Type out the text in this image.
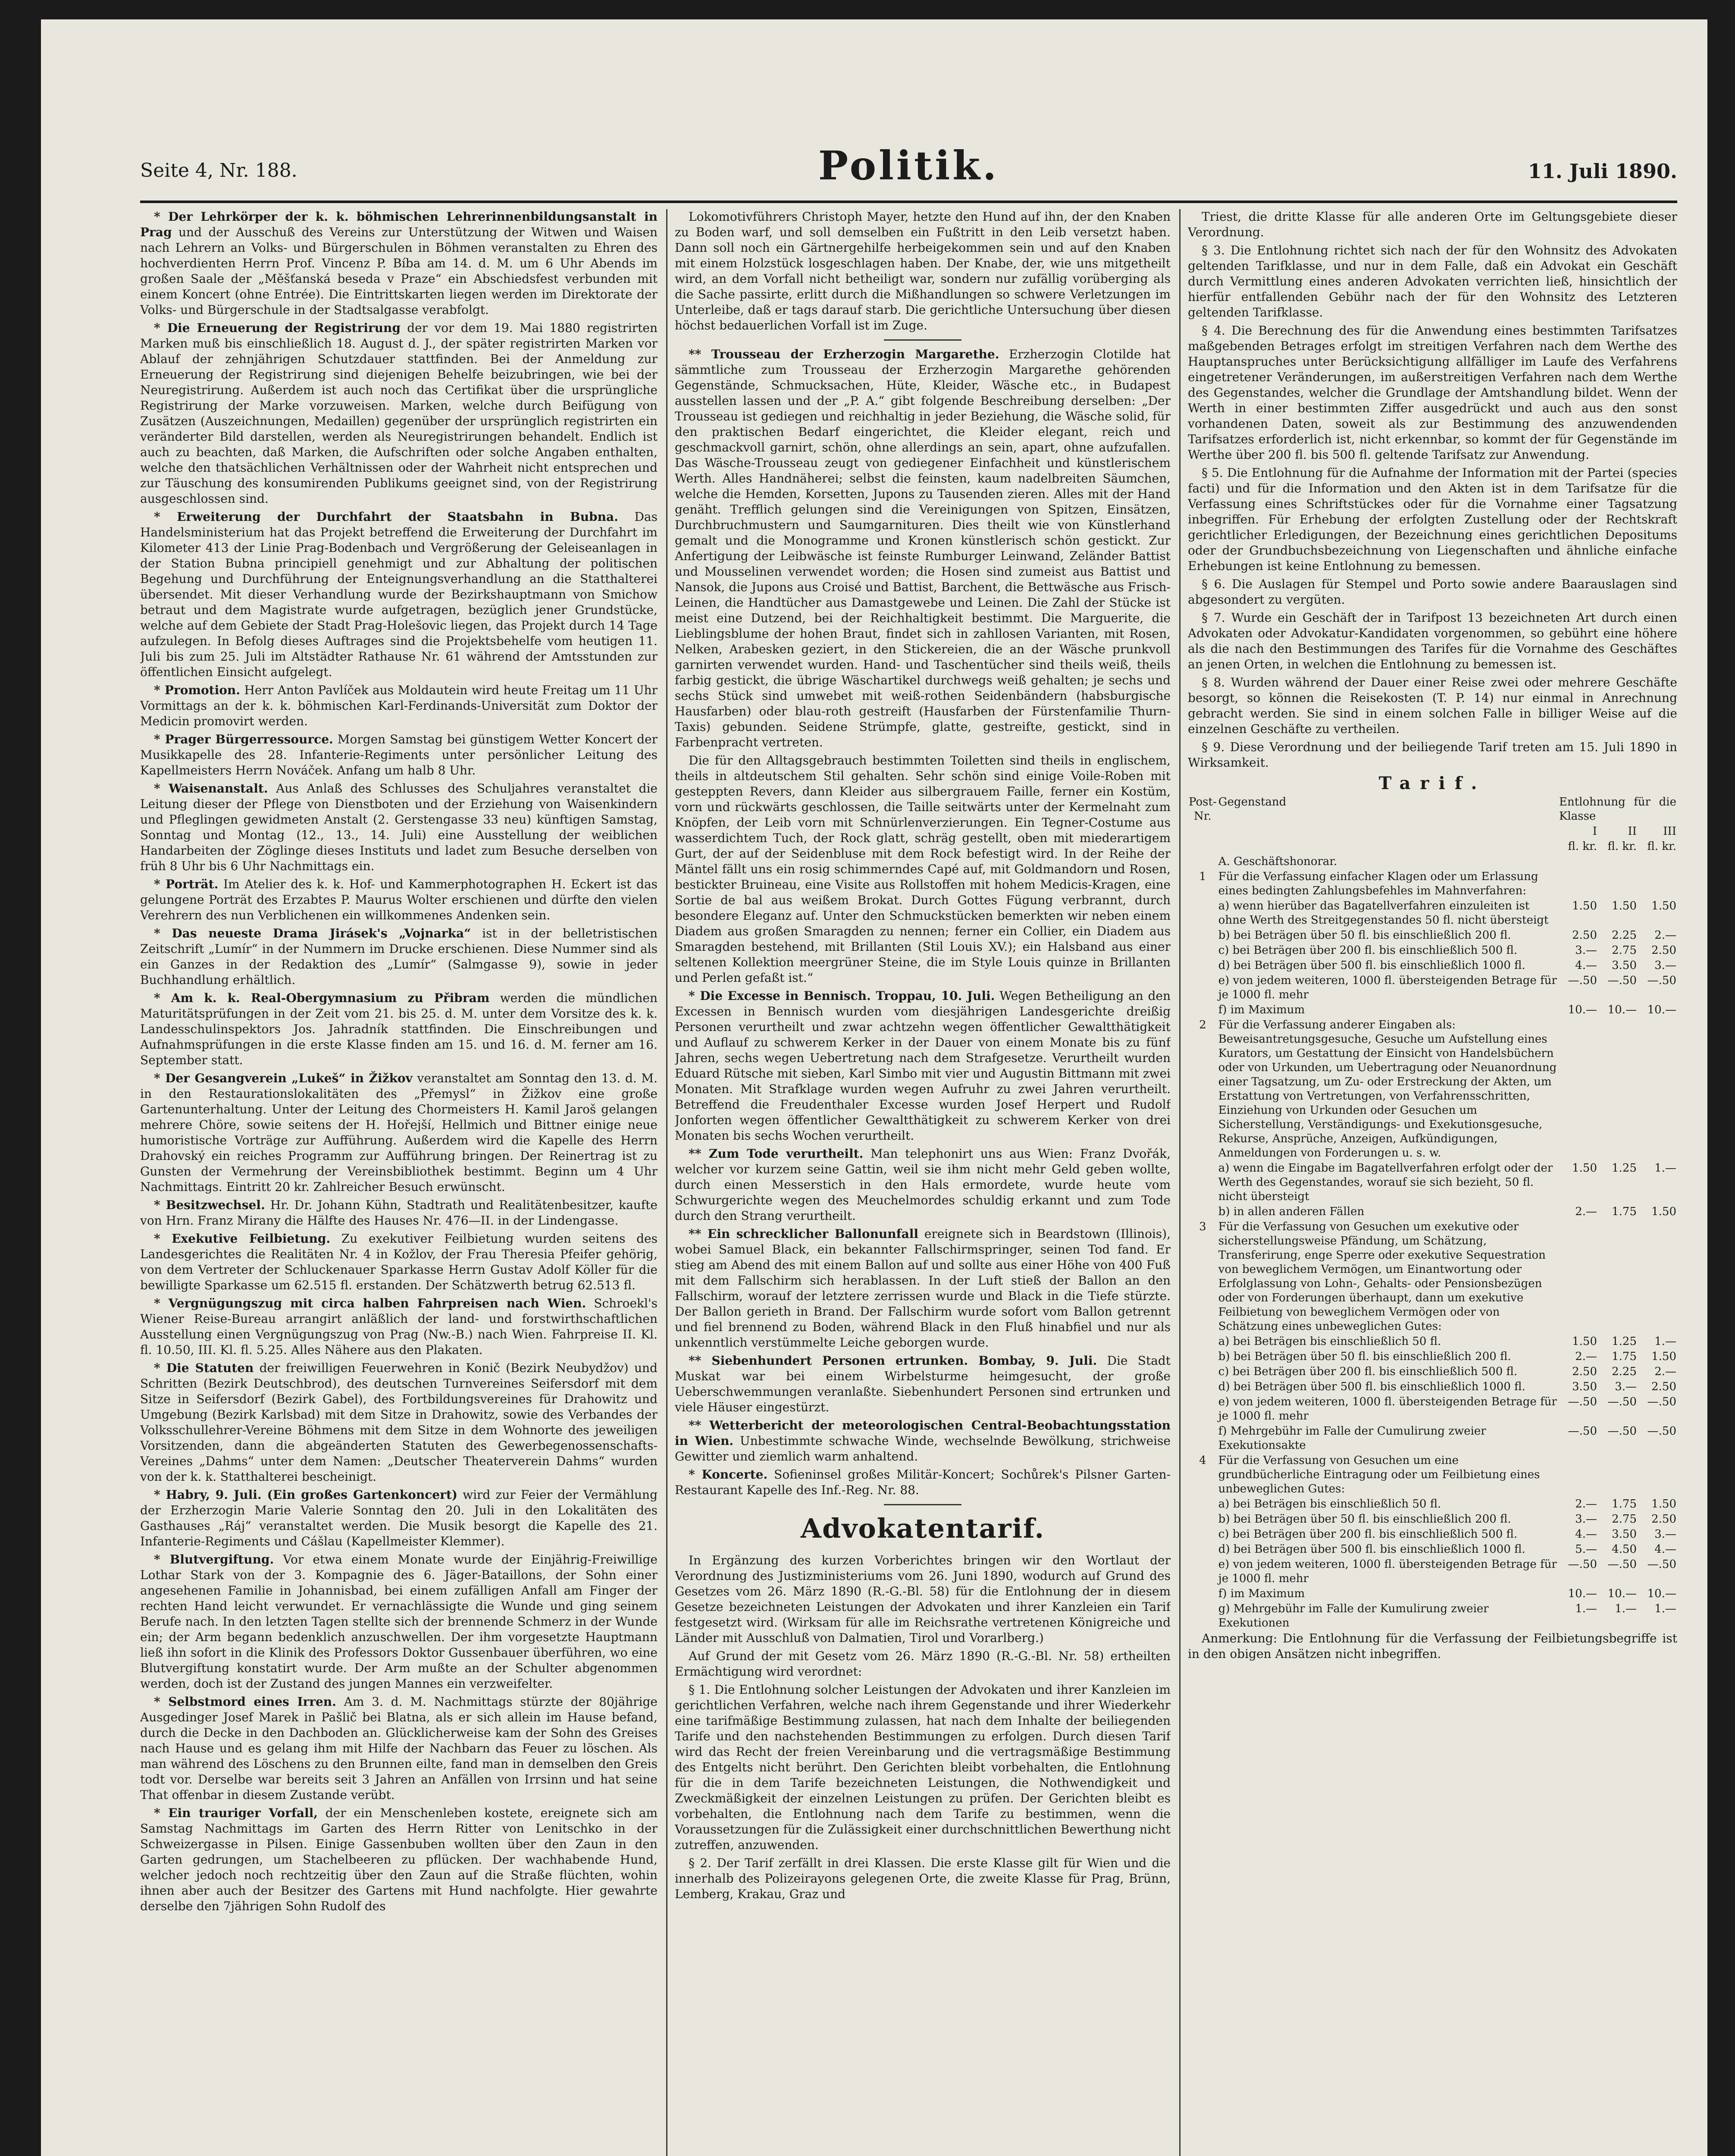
Seite 4, Nr. 188.	Politik.	11. Juli 1890.

* Der Lehrkörper der k. k. böhmischen Lehrerinnenbildungsanstalt in Prag und der Ausschuß des Vereins zur Unterstützung der Witwen und Waisen nach Lehrern an Volks- und Bürgerschulen in Böhmen veranstalten zu Ehren des hochverdienten Herrn Prof. Vincenz P. Bíba am 14. d. M. um 6 Uhr Abends im großen Saale der „Měšťanská beseda v Praze“ ein Abschiedsfest verbunden mit einem Koncert (ohne Entrée). Die Eintrittskarten liegen werden im Direktorate der Volks- und Bürgerschule in der Stadtsalgasse verabfolgt.

* Die Erneuerung der Registrirung der vor dem 19. Mai 1880 registrirten Marken muß bis einschließlich 18. August d. J., der später registrirten Marken vor Ablauf der zehnjährigen Schutzdauer stattfinden. Bei der Anmeldung zur Erneuerung der Registrirung sind diejenigen Behelfe beizubringen, wie bei der Neuregistrirung. Außerdem ist auch noch das Certifikat über die ursprüngliche Registrirung der Marke vorzuweisen. Marken, welche durch Beifügung von Zusätzen (Auszeichnungen, Medaillen) gegenüber der ursprünglich registrirten ein veränderter Bild darstellen, werden als Neuregistrirungen behandelt. Endlich ist auch zu beachten, daß Marken, die Aufschriften oder solche Angaben enthalten, welche den thatsächlichen Verhältnissen oder der Wahrheit nicht entsprechen und zur Täuschung des konsumirenden Publikums geeignet sind, von der Registrirung ausgeschlossen sind.

* Erweiterung der Durchfahrt der Staatsbahn in Bubna. Das Handelsministerium hat das Projekt betreffend die Erweiterung der Durchfahrt im Kilometer 413 der Linie Prag-Bodenbach und Vergrößerung der Geleiseanlagen in der Station Bubna principiell genehmigt und zur Abhaltung der politischen Begehung und Durchführung der Enteignungsverhandlung an die Statthalterei übersendet. Mit dieser Verhandlung wurde der Bezirkshauptmann von Smichow betraut und dem Magistrate wurde aufgetragen, bezüglich jener Grundstücke, welche auf dem Gebiete der Stadt Prag-Holešovic liegen, das Projekt durch 14 Tage aufzulegen. In Befolg dieses Auftrages sind die Projektsbehelfe vom heutigen 11. Juli bis zum 25. Juli im Altstädter Rathause Nr. 61 während der Amtsstunden zur öffentlichen Einsicht aufgelegt.

* Promotion. Herr Anton Pavlíček aus Moldautein wird heute Freitag um 11 Uhr Vormittags an der k. k. böhmischen Karl-Ferdinands-Universität zum Doktor der Medicin promovirt werden.

* Prager Bürgerressource. Morgen Samstag bei günstigem Wetter Koncert der Musikkapelle des 28. Infanterie-Regiments unter persönlicher Leitung des Kapellmeisters Herrn Nováček. Anfang um halb 8 Uhr.

* Waisenanstalt. Aus Anlaß des Schlusses des Schuljahres veranstaltet die Leitung dieser der Pflege von Dienstboten und der Erziehung von Waisenkindern und Pfleglingen gewidmeten Anstalt (2. Gerstengasse 33 neu) künftigen Samstag, Sonntag und Montag (12., 13., 14. Juli) eine Ausstellung der weiblichen Handarbeiten der Zöglinge dieses Instituts und ladet zum Besuche derselben von früh 8 Uhr bis 6 Uhr Nachmittags ein.

* Porträt. Im Atelier des k. k. Hof- und Kammerphotographen H. Eckert ist das gelungene Porträt des Erzabtes P. Maurus Wolter erschienen und dürfte den vielen Verehrern des nun Verblichenen ein willkommenes Andenken sein.

* Das neueste Drama Jirásek's „Vojnarka“ ist in der belletristischen Zeitschrift „Lumír“ in der Nummern im Drucke erschienen. Diese Nummer sind als ein Ganzes in der Redaktion des „Lumír“ (Salmgasse 9), sowie in jeder Buchhandlung erhältlich.

* Am k. k. Real-Obergymnasium zu Přibram werden die mündlichen Maturitätsprüfungen in der Zeit vom 21. bis 25. d. M. unter dem Vorsitze des k. k. Landesschulinspektors Jos. Jahradník stattfinden. Die Einschreibungen und Aufnahmsprüfungen in die erste Klasse finden am 15. und 16. d. M. ferner am 16. September statt.

* Der Gesangverein „Lukeš“ in Žižkov veranstaltet am Sonntag den 13. d. M. in den Restaurationslokalitäten des „Přemysl“ in Žižkov eine große Gartenunterhaltung. Unter der Leitung des Chormeisters H. Kamil Jaroš gelangen mehrere Chöre, sowie seitens der H. Hořejší, Hellmich und Bittner einige neue humoristische Vorträge zur Aufführung. Außerdem wird die Kapelle des Herrn Drahovský ein reiches Programm zur Aufführung bringen. Der Reinertrag ist zu Gunsten der Vermehrung der Vereinsbibliothek bestimmt. Beginn um 4 Uhr Nachmittags. Eintritt 20 kr. Zahlreicher Besuch erwünscht.

* Besitzwechsel. Hr. Dr. Johann Kühn, Stadtrath und Realitätenbesitzer, kaufte von Hrn. Franz Mirany die Hälfte des Hauses Nr. 476—II. in der Lindengasse.

* Exekutive Feilbietung. Zu exekutiver Feilbietung wurden seitens des Landesgerichtes die Realitäten Nr. 4 in Kožlov, der Frau Theresia Pfeifer gehörig, von dem Vertreter der Schluckenauer Sparkasse Herrn Gustav Adolf Köller für die bewilligte Sparkasse um 62.515 fl. erstanden. Der Schätzwerth betrug 62.513 fl.

* Vergnügungszug mit circa halben Fahrpreisen nach Wien. Schroekl's Wiener Reise-Bureau arrangirt anläßlich der land- und forstwirthschaftlichen Ausstellung einen Vergnügungszug von Prag (Nw.-B.) nach Wien. Fahrpreise II. Kl. fl. 10.50, III. Kl. fl. 5.25. Alles Nähere aus den Plakaten.

* Die Statuten der freiwilligen Feuerwehren in Konič (Bezirk Neubydžov) und Schritten (Bezirk Deutschbrod), des deutschen Turnvereines Seifersdorf mit dem Sitze in Seifersdorf (Bezirk Gabel), des Fortbildungsvereines für Drahowitz und Umgebung (Bezirk Karlsbad) mit dem Sitze in Drahowitz, sowie des Verbandes der Volksschullehrer-Vereine Böhmens mit dem Sitze in dem Wohnorte des jeweiligen Vorsitzenden, dann die abgeänderten Statuten des Gewerbegenossenschafts-Vereines „Dahms“ unter dem Namen: „Deutscher Theaterverein Dahms“ wurden von der k. k. Statthalterei bescheinigt.

* Habry, 9. Juli. (Ein großes Gartenkoncert) wird zur Feier der Vermählung der Erzherzogin Marie Valerie Sonntag den 20. Juli in den Lokalitäten des Gasthauses „Ráj“ veranstaltet werden. Die Musik besorgt die Kapelle des 21. Infanterie-Regiments und Cášlau (Kapellmeister Klemmer).

* Blutvergiftung. Vor etwa einem Monate wurde der Einjährig-Freiwillige Lothar Stark von der 3. Kompagnie des 6. Jäger-Bataillons, der Sohn einer angesehenen Familie in Johannisbad, bei einem zufälligen Anfall am Finger der rechten Hand leicht verwundet. Er vernachlässigte die Wunde und ging seinem Berufe nach. In den letzten Tagen stellte sich der brennende Schmerz in der Wunde ein; der Arm begann bedenklich anzuschwellen. Der ihm vorgesetzte Hauptmann ließ ihn sofort in die Klinik des Professors Doktor Gussenbauer überführen, wo eine Blutvergiftung konstatirt wurde. Der Arm mußte an der Schulter abgenommen werden, doch ist der Zustand des jungen Mannes ein verzweifelter.

* Selbstmord eines Irren. Am 3. d. M. Nachmittags stürzte der 80jährige Ausgedinger Josef Marek in Pašlič bei Blatna, als er sich allein im Hause befand, durch die Decke in den Dachboden an. Glücklicherweise kam der Sohn des Greises nach Hause und es gelang ihm mit Hilfe der Nachbarn das Feuer zu löschen. Als man während des Löschens zu den Brunnen eilte, fand man in demselben den Greis todt vor. Derselbe war bereits seit 3 Jahren an Anfällen von Irrsinn und hat seine That offenbar in diesem Zustande verübt.

* Ein trauriger Vorfall, der ein Menschenleben kostete, ereignete sich am Samstag Nachmittags im Garten des Herrn Ritter von Lenitschko in der Schweizergasse in Pilsen. Einige Gassenbuben wollten über den Zaun in den Garten gedrungen, um Stachelbeeren zu pflücken. Der wachhabende Hund, welcher jedoch noch rechtzeitig über den Zaun auf die Straße flüchten, wohin ihnen aber auch der Besitzer des Gartens mit Hund nachfolgte. Hier gewahrte derselbe den 7jährigen Sohn Rudolf des

Lokomotivführers Christoph Mayer, hetzte den Hund auf ihn, der den Knaben zu Boden warf, und soll demselben ein Fußtritt in den Leib versetzt haben. Dann soll noch ein Gärtnergehilfe herbeigekommen sein und auf den Knaben mit einem Holzstück losgeschlagen haben. Der Knabe, der, wie uns mitgetheilt wird, an dem Vorfall nicht betheiligt war, sondern nur zufällig vorüberging als die Sache passirte, erlitt durch die Mißhandlungen so schwere Verletzungen im Unterleibe, daß er tags darauf starb. Die gerichtliche Untersuchung über diesen höchst bedauerlichen Vorfall ist im Zuge.

** Trousseau der Erzherzogin Margarethe. Erzherzogin Clotilde hat sämmtliche zum Trousseau der Erzherzogin Margarethe gehörenden Gegenstände, Schmucksachen, Hüte, Kleider, Wäsche etc., in Budapest ausstellen lassen und der „P. A.“ gibt folgende Beschreibung derselben: „Der Trousseau ist gediegen und reichhaltig in jeder Beziehung, die Wäsche solid, für den praktischen Bedarf eingerichtet, die Kleider elegant, reich und geschmackvoll garnirt, schön, ohne allerdings an sein, apart, ohne aufzufallen. Das Wäsche-Trousseau zeugt von gediegener Einfachheit und künstlerischem Werth. Alles Handnäherei; selbst die feinsten, kaum nadelbreiten Säumchen, welche die Hemden, Korsetten, Jupons zu Tausenden zieren. Alles mit der Hand genäht. Trefflich gelungen sind die Vereinigungen von Spitzen, Einsätzen, Durchbruchmustern und Saumgarnituren. Dies theilt wie von Künstlerhand gemalt und die Monogramme und Kronen künstlerisch schön gestickt. Zur Anfertigung der Leibwäsche ist feinste Rumburger Leinwand, Zeländer Battist und Mousselinen verwendet worden; die Hosen sind zumeist aus Battist und Nansok, die Jupons aus Croisé und Battist, Barchent, die Bettwäsche aus Frisch-Leinen, die Handtücher aus Damastgewebe und Leinen. Die Zahl der Stücke ist meist eine Dutzend, bei der Reichhaltigkeit bestimmt. Die Marguerite, die Lieblingsblume der hohen Braut, findet sich in zahllosen Varianten, mit Rosen, Nelken, Arabesken geziert, in den Stickereien, die an der Wäsche prunkvoll garnirten verwendet wurden. Hand- und Taschentücher sind theils weiß, theils farbig gestickt, die übrige Wäschartikel durchwegs weiß gehalten; je sechs und sechs Stück sind umwebet mit weiß-rothen Seidenbändern (habsburgische Hausfarben) oder blau-roth gestreift (Hausfarben der Fürstenfamilie Thurn-Taxis) gebunden. Seidene Strümpfe, glatte, gestreifte, gestickt, sind in Farbenpracht vertreten.

Die für den Alltagsgebrauch bestimmten Toiletten sind theils in englischem, theils in altdeutschem Stil gehalten. Sehr schön sind einige Voile-Roben mit gesteppten Revers, dann Kleider aus silbergrauem Faille, ferner ein Kostüm, vorn und rückwärts geschlossen, die Taille seitwärts unter der Kermelnaht zum Knöpfen, der Leib vorn mit Schnürlenverzierungen. Ein Tegner-Costume aus wasserdichtem Tuch, der Rock glatt, schräg gestellt, oben mit miederartigem Gurt, der auf der Seidenbluse mit dem Rock befestigt wird. In der Reihe der Mäntel fällt uns ein rosig schimmerndes Capé auf, mit Goldmandorn und Rosen, bestickter Bruineau, eine Visite aus Rollstoffen mit hohem Medicis-Kragen, eine Sortie de bal aus weißem Brokat. Durch Gottes Fügung verbrannt, durch besondere Eleganz auf. Unter den Schmuckstücken bemerkten wir neben einem Diadem aus großen Smaragden zu nennen; ferner ein Collier, ein Diadem aus Smaragden bestehend, mit Brillanten (Stil Louis XV.); ein Halsband aus einer seltenen Kollektion meergrüner Steine, die im Style Louis quinze in Brillanten und Perlen gefaßt ist.“

* Die Excesse in Bennisch. Troppau, 10. Juli. Wegen Betheiligung an den Excessen in Bennisch wurden vom diesjährigen Landesgerichte dreißig Personen verurtheilt und zwar achtzehn wegen öffentlicher Gewaltthätigkeit und Auflauf zu schwerem Kerker in der Dauer von einem Monate bis zu fünf Jahren, sechs wegen Uebertretung nach dem Strafgesetze. Verurtheilt wurden Eduard Rütsche mit sieben, Karl Simbo mit vier und Augustin Bittmann mit zwei Monaten. Mit Strafklage wurden wegen Aufruhr zu zwei Jahren verurtheilt. Betreffend die Freudenthaler Excesse wurden Josef Herpert und Rudolf Jonforten wegen öffentlicher Gewaltthätigkeit zu schwerem Kerker von drei Monaten bis sechs Wochen verurtheilt.

** Zum Tode verurtheilt. Man telephonirt uns aus Wien: Franz Dvořák, welcher vor kurzem seine Gattin, weil sie ihm nicht mehr Geld geben wollte, durch einen Messerstich in den Hals ermordete, wurde heute vom Schwurgerichte wegen des Meuchelmordes schuldig erkannt und zum Tode durch den Strang verurtheilt.

** Ein schrecklicher Ballonunfall ereignete sich in Beardstown (Illinois), wobei Samuel Black, ein bekannter Fallschirmspringer, seinen Tod fand. Er stieg am Abend des mit einem Ballon auf und sollte aus einer Höhe von 400 Fuß mit dem Fallschirm sich herablassen. In der Luft stieß der Ballon an den Fallschirm, worauf der letztere zerrissen wurde und Black in die Tiefe stürzte. Der Ballon gerieth in Brand. Der Fallschirm wurde sofort vom Ballon getrennt und fiel brennend zu Boden, während Black in den Fluß hinabfiel und nur als unkenntlich verstümmelte Leiche geborgen wurde.

** Siebenhundert Personen ertrunken. Bombay, 9. Juli. Die Stadt Muskat war bei einem Wirbelsturme heimgesucht, der große Ueberschwemmungen veranlaßte. Siebenhundert Personen sind ertrunken und viele Häuser eingestürzt.

** Wetterbericht der meteorologischen Central-Beobachtungsstation in Wien. Unbestimmte schwache Winde, wechselnde Bewölkung, strichweise Gewitter und ziemlich warm anhaltend.

* Koncerte. Sofieninsel großes Militär-Koncert; Sochůrek's Pilsner Garten-Restaurant Kapelle des Inf.-Reg. Nr. 88.

Advokatentarif.

In Ergänzung des kurzen Vorberichtes bringen wir den Wortlaut der Verordnung des Justizministeriums vom 26. Juni 1890, wodurch auf Grund des Gesetzes vom 26. März 1890 (R.-G.-Bl. 58) für die Entlohnung der in diesem Gesetze bezeichneten Leistungen der Advokaten und ihrer Kanzleien ein Tarif festgesetzt wird. (Wirksam für alle im Reichsrathe vertretenen Königreiche und Länder mit Ausschluß von Dalmatien, Tirol und Vorarlberg.)

Auf Grund der mit Gesetz vom 26. März 1890 (R.-G.-Bl. Nr. 58) ertheilten Ermächtigung wird verordnet:

§ 1. Die Entlohnung solcher Leistungen der Advokaten und ihrer Kanzleien im gerichtlichen Verfahren, welche nach ihrem Gegenstande und ihrer Wiederkehr eine tarifmäßige Bestimmung zulassen, hat nach dem Inhalte der beiliegenden Tarife und den nachstehenden Bestimmungen zu erfolgen. Durch diesen Tarif wird das Recht der freien Vereinbarung und die vertragsmäßige Bestimmung des Entgelts nicht berührt. Den Gerichten bleibt vorbehalten, die Entlohnung für die in dem Tarife bezeichneten Leistungen, die Nothwendigkeit und Zweckmäßigkeit der einzelnen Leistungen zu prüfen. Der Gerichten bleibt es vorbehalten, die Entlohnung nach dem Tarife zu bestimmen, wenn die Voraussetzungen für die Zulässigkeit einer durchschnittlichen Bewerthung nicht zutreffen, anzuwenden.

§ 2. Der Tarif zerfällt in drei Klassen. Die erste Klasse gilt für Wien und die innerhalb des Polizeirayons gelegenen Orte, die zweite Klasse für Prag, Brünn, Lemberg, Krakau, Graz und

Triest, die dritte Klasse für alle anderen Orte im Geltungsgebiete dieser Verordnung.

§ 3. Die Entlohnung richtet sich nach der für den Wohnsitz des Advokaten geltenden Tarifklasse, und nur in dem Falle, daß ein Advokat ein Geschäft durch Vermittlung eines anderen Advokaten verrichten ließ, hinsichtlich der hierfür entfallenden Gebühr nach der für den Wohnsitz des Letzteren geltenden Tarifklasse.

§ 4. Die Berechnung des für die Anwendung eines bestimmten Tarifsatzes maßgebenden Betrages erfolgt im streitigen Verfahren nach dem Werthe des Hauptanspruches unter Berücksichtigung allfälliger im Laufe des Verfahrens eingetretener Veränderungen, im außerstreitigen Verfahren nach dem Werthe des Gegenstandes, welcher die Grundlage der Amtshandlung bildet. Wenn der Werth in einer bestimmten Ziffer ausgedrückt und auch aus den sonst vorhandenen Daten, soweit als zur Bestimmung des anzuwendenden Tarifsatzes erforderlich ist, nicht erkennbar, so kommt der für Gegenstände im Werthe über 200 fl. bis 500 fl. geltende Tarifsatz zur Anwendung.

§ 5. Die Entlohnung für die Aufnahme der Information mit der Partei (species facti) und für die Information und den Akten ist in dem Tarifsatze für die Verfassung eines Schriftstückes oder für die Vornahme einer Tagsatzung inbegriffen. Für Erhebung der erfolgten Zustellung oder der Rechtskraft gerichtlicher Erledigungen, der Bezeichnung eines gerichtlichen Depositums oder der Grundbuchsbezeichnung von Liegenschaften und ähnliche einfache Erhebungen ist keine Entlohnung zu bemessen.

§ 6. Die Auslagen für Stempel und Porto sowie andere Baarauslagen sind abgesondert zu vergüten.

§ 7. Wurde ein Geschäft der in Tarifpost 13 bezeichneten Art durch einen Advokaten oder Advokatur-Kandidaten vorgenommen, so gebührt eine höhere als die nach den Bestimmungen des Tarifes für die Vornahme des Geschäftes an jenen Orten, in welchen die Entlohnung zu bemessen ist.

§ 8. Wurden während der Dauer einer Reise zwei oder mehrere Geschäfte besorgt, so können die Reisekosten (T. P. 14) nur einmal in Anrechnung gebracht werden. Sie sind in einem solchen Falle in billiger Weise auf die einzelnen Geschäfte zu vertheilen.

§ 9. Diese Verordnung und der beiliegende Tarif treten am 15. Juli 1890 in Wirksamkeit.

Tarif.
Post-Nr.	Gegenstand	Entlohnung für die Klasse		
		I	II	III
		fl. kr.	fl. kr.	fl. kr.
	A. Geschäftshonorar.			
1	Für die Verfassung einfacher Klagen oder um Erlassung eines bedingten Zahlungsbefehles im Mahnverfahren:			
	a) wenn hierüber das Bagatellverfahren einzuleiten ist ohne Werth des Streitgegenstandes 50 fl. nicht übersteigt	1.50	1.50	1.50
	b) bei Beträgen über 50 fl. bis einschließlich 200 fl.	2.50	2.25	2.—
	c) bei Beträgen über 200 fl. bis einschließlich 500 fl.	3.—	2.75	2.50
	d) bei Beträgen über 500 fl. bis einschließlich 1000 fl.	4.—	3.50	3.—
	e) von jedem weiteren, 1000 fl. übersteigenden Betrage für je 1000 fl. mehr	—.50	—.50	—.50
	f) im Maximum	10.—	10.—	10.—
2	Für die Verfassung anderer Eingaben als: Beweisantretungsgesuche, Gesuche um Aufstellung eines Kurators, um Gestattung der Einsicht von Handelsbüchern oder von Urkunden, um Uebertragung oder Neuanordnung einer Tagsatzung, um Zu- oder Erstreckung der Akten, um Erstattung von Vertretungen, von Verfahrensschritten, Einziehung von Urkunden oder Gesuchen um Sicherstellung, Verständigungs- und Exekutionsgesuche, Rekurse, Ansprüche, Anzeigen, Aufkündigungen, Anmeldungen von Forderungen u. s. w.			
	a) wenn die Eingabe im Bagatellverfahren erfolgt oder der Werth des Gegenstandes, worauf sie sich bezieht, 50 fl. nicht übersteigt	1.50	1.25	1.—
	b) in allen anderen Fällen	2.—	1.75	1.50
3	Für die Verfassung von Gesuchen um exekutive oder sicherstellungsweise Pfändung, um Schätzung, Transferirung, enge Sperre oder exekutive Sequestration von beweglichem Vermögen, um Einantwortung oder Erfolglassung von Lohn-, Gehalts- oder Pensionsbezügen oder von Forderungen überhaupt, dann um exekutive Feilbietung von beweglichem Vermögen oder von Schätzung eines unbeweglichen Gutes:			
	a) bei Beträgen bis einschließlich 50 fl.	1.50	1.25	1.—
	b) bei Beträgen über 50 fl. bis einschließlich 200 fl.	2.—	1.75	1.50
	c) bei Beträgen über 200 fl. bis einschließlich 500 fl.	2.50	2.25	2.—
	d) bei Beträgen über 500 fl. bis einschließlich 1000 fl.	3.50	3.—	2.50
	e) von jedem weiteren, 1000 fl. übersteigenden Betrage für je 1000 fl. mehr	—.50	—.50	—.50
	f) Mehrgebühr im Falle der Cumulirung zweier Exekutionsakte	—.50	—.50	—.50
4	Für die Verfassung von Gesuchen um eine grundbücherliche Eintragung oder um Feilbietung eines unbeweglichen Gutes:			
	a) bei Beträgen bis einschließlich 50 fl.	2.—	1.75	1.50
	b) bei Beträgen über 50 fl. bis einschließlich 200 fl.	3.—	2.75	2.50
	c) bei Beträgen über 200 fl. bis einschließlich 500 fl.	4.—	3.50	3.—
	d) bei Beträgen über 500 fl. bis einschließlich 1000 fl.	5.—	4.50	4.—
	e) von jedem weiteren, 1000 fl. übersteigenden Betrage für je 1000 fl. mehr	—.50	—.50	—.50
	f) im Maximum	10.—	10.—	10.—
	g) Mehrgebühr im Falle der Kumulirung zweier Exekutionen	1.—	1.—	1.—

Anmerkung: Die Entlohnung für die Verfassung der Feilbietungsbegriffe ist in den obigen Ansätzen nicht inbegriffen.
